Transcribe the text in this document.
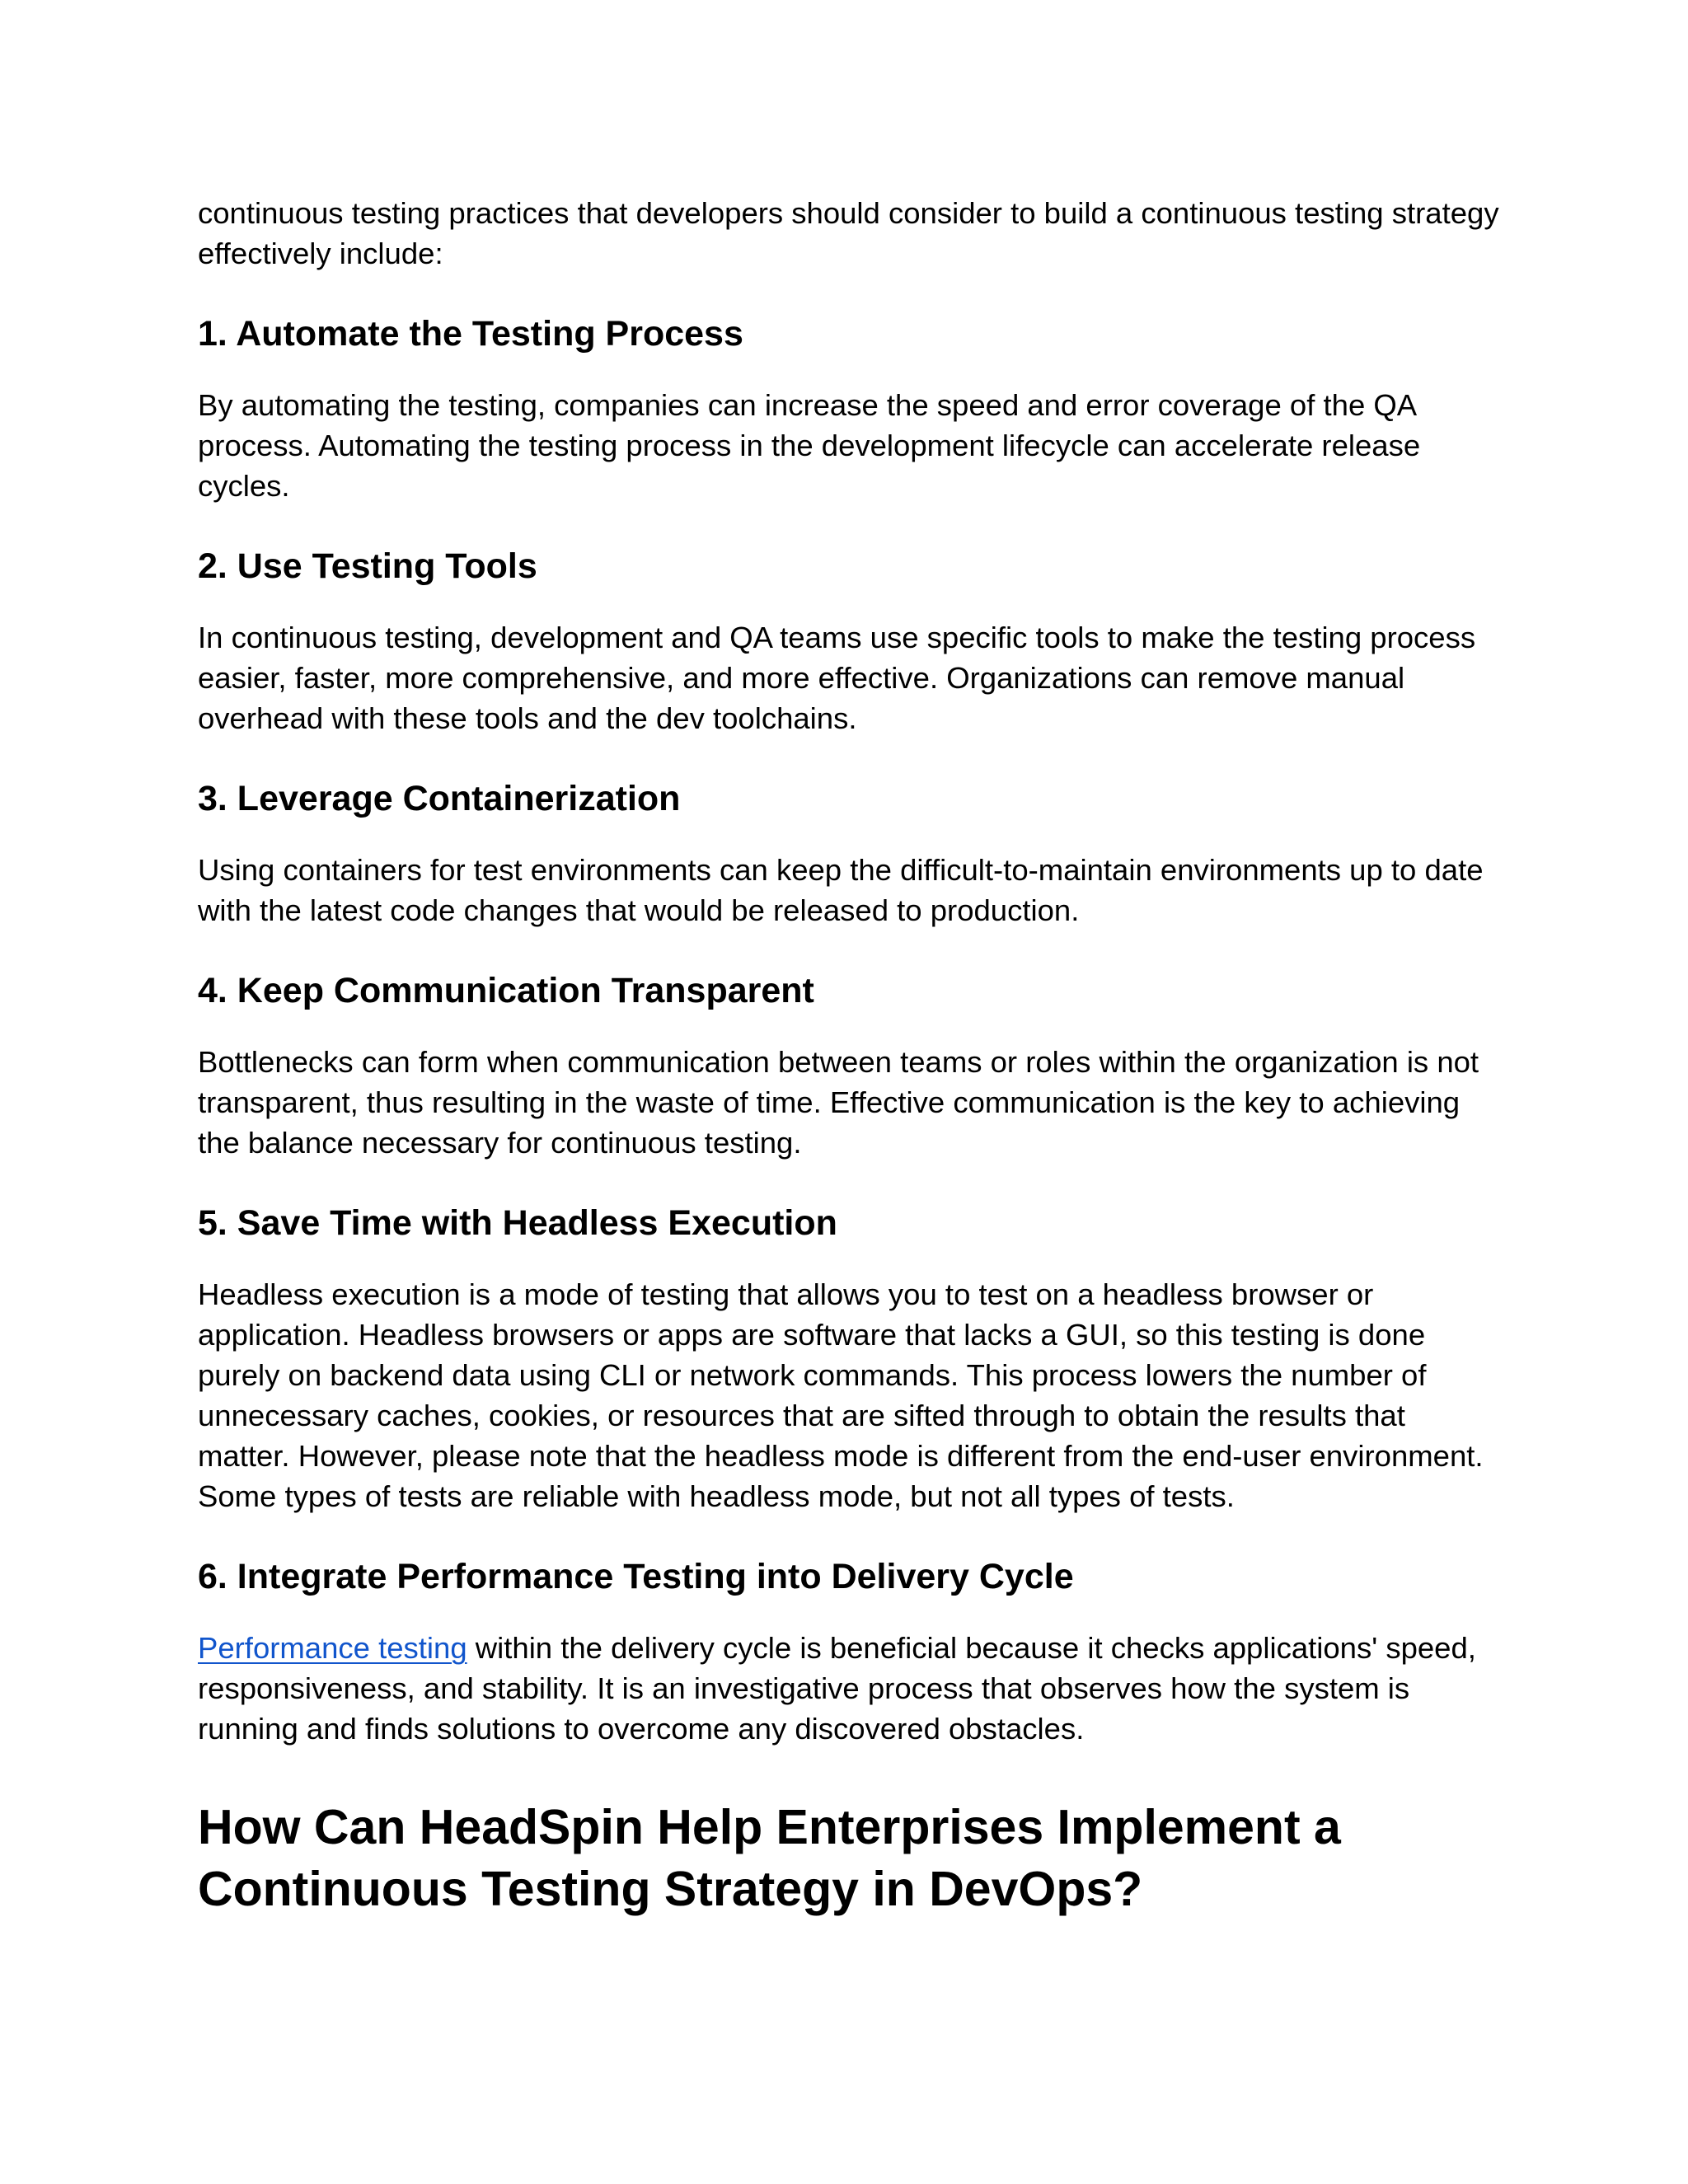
continuous testing practices that developers should consider to build a continuous testing strategy effectively include:

1. Automate the Testing Process

By automating the testing, companies can increase the speed and error coverage of the QA process. Automating the testing process in the development lifecycle can accelerate release cycles.

2. Use Testing Tools

In continuous testing, development and QA teams use specific tools to make the testing process easier, faster, more comprehensive, and more effective. Organizations can remove manual overhead with these tools and the dev toolchains.

3. Leverage Containerization

Using containers for test environments can keep the difficult-to-maintain environments up to date with the latest code changes that would be released to production.

4. Keep Communication Transparent

Bottlenecks can form when communication between teams or roles within the organization is not transparent, thus resulting in the waste of time. Effective communication is the key to achieving the balance necessary for continuous testing.

5. Save Time with Headless Execution

Headless execution is a mode of testing that allows you to test on a headless browser or application. Headless browsers or apps are software that lacks a GUI, so this testing is done purely on backend data using CLI or network commands. This process lowers the number of unnecessary caches, cookies, or resources that are sifted through to obtain the results that matter. However, please note that the headless mode is different from the end-user environment. Some types of tests are reliable with headless mode, but not all types of tests.

6. Integrate Performance Testing into Delivery Cycle

Performance testing within the delivery cycle is beneficial because it checks applications' speed, responsiveness, and stability. It is an investigative process that observes how the system is running and finds solutions to overcome any discovered obstacles.

How Can HeadSpin Help Enterprises Implement a Continuous Testing Strategy in DevOps?
